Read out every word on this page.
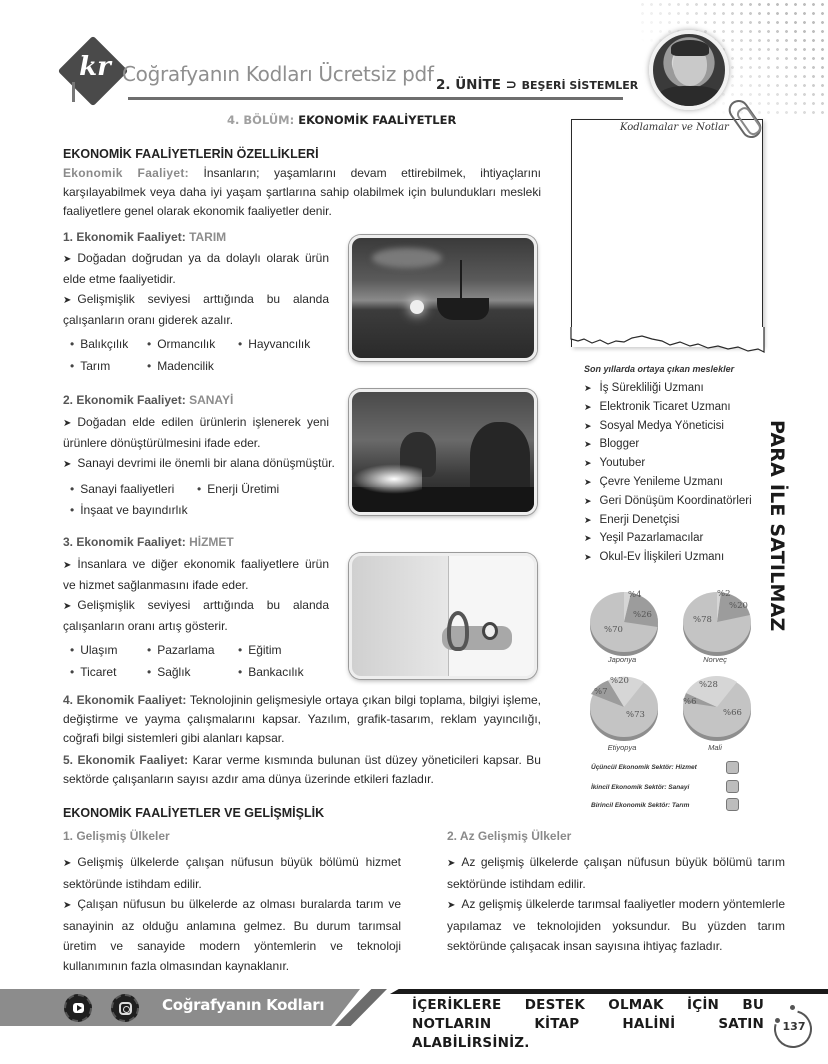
kr Coğrafyanın Kodları Ücretsiz pdf 2. ÜNİTE ⊃ BEŞERİ SİSTEMLER
4. BÖLÜM: EKONOMİK FAALİYETLER
EKONOMİK FAALİYETLERİN ÖZELLİKLERİ
Ekonomik Faaliyet: İnsanların; yaşamlarını devam ettirebilmek, ihtiyaçlarını karşılayabilmek veya daha iyi yaşam şartlarına sahip olabilmek için bulundukları mesleki faaliyetlere genel olarak ekonomik faaliyetler denir.
1. Ekonomik Faaliyet: TARIM
➤ Doğadan doğrudan ya da dolaylı olarak ürün elde etme faaliyetidir.
➤ Gelişmişlik seviyesi arttığında bu alanda çalışanların oranı giderek azalır.
• Balıkçılık	• Ormancılık	• Hayvancılık
• Tarım	• Madencilik
2. Ekonomik Faaliyet: SANAYİ
➤ Doğadan elde edilen ürünlerin işlenerek yeni ürünlere dönüştürülmesini ifade eder.
➤ Sanayi devrimi ile önemli bir alana dönüşmüştür.
• Sanayi faaliyetleri	• Enerji Üretimi
• İnşaat ve bayındırlık
3. Ekonomik Faaliyet: HİZMET
➤ İnsanlara ve diğer ekonomik faaliyetlere ürün ve hizmet sağlanmasını ifade eder.
➤ Gelişmişlik seviyesi arttığında bu alanda çalışanların oranı artış gösterir.
• Ulaşım	• Pazarlama	• Eğitim
• Ticaret	• Sağlık	• Bankacılık
4. Ekonomik Faaliyet: Teknolojinin gelişmesiyle ortaya çıkan bilgi toplama, bilgiyi işleme, değiştirme ve yayma çalışmalarını kapsar. Yazılım, grafik-tasarım, reklam yayıncılığı, coğrafi bilgi sistemleri gibi alanları kapsar.
5. Ekonomik Faaliyet: Karar verme kısmında bulunan üst düzey yöneticileri kapsar. Bu sektörde çalışanların sayısı azdır ama dünya üzerinde etkileri fazladır.
Kodlamalar ve Notlar
Son yıllarda ortaya çıkan meslekler
➤ İş Sürekliliği Uzmanı
➤ Elektronik Ticaret Uzmanı
➤ Sosyal Medya Yöneticisi
➤ Blogger
➤ Youtuber
➤ Çevre Yenileme Uzmanı
➤ Geri Dönüşüm Koordinatörleri
➤ Enerji Denetçisi
➤ Yeşil Pazarlamacılar
➤ Okul-Ev İlişkileri Uzmanı	PARA İLE SATILMAZ
%4
%26
%70
Japonya
%2
%20
%78
Norveç
%20
%7
%73
Etiyopya
%28
%6
%66
Mali
Üçüncül Ekonomik Sektör: Hizmet
İkincil Ekonomik Sektör: Sanayi
Birincil Ekonomik Sektör: Tarım
EKONOMİK FAALİYETLER VE GELİŞMİŞLİK
1. Gelişmiş Ülkeler
➤ Gelişmiş ülkelerde çalışan nüfusun büyük bölümü hizmet sektöründe istihdam edilir.
➤ Çalışan nüfusun bu ülkelerde az olması buralarda tarım ve sanayinin az olduğu anlamına gelmez. Bu durum tarımsal üretim ve sanayide modern yöntemlerin ve teknoloji kullanımının fazla olmasından kaynaklanır.
2. Az Gelişmiş Ülkeler
➤ Az gelişmiş ülkelerde çalışan nüfusun büyük bölümü tarım sektöründe istihdam edilir.
➤ Az gelişmiş ülkelerde tarımsal faaliyetler modern yöntemlerle yapılamaz ve teknolojiden yoksundur. Bu yüzden tarım sektöründe çalışacak insan sayısına ihtiyaç fazladır.
Coğrafyanın Kodları	İÇERİKLERE DESTEK OLMAK İÇİN BU NOTLARIN KİTAP HALİNİ SATIN ALABİLİRSİNİZ.
137
